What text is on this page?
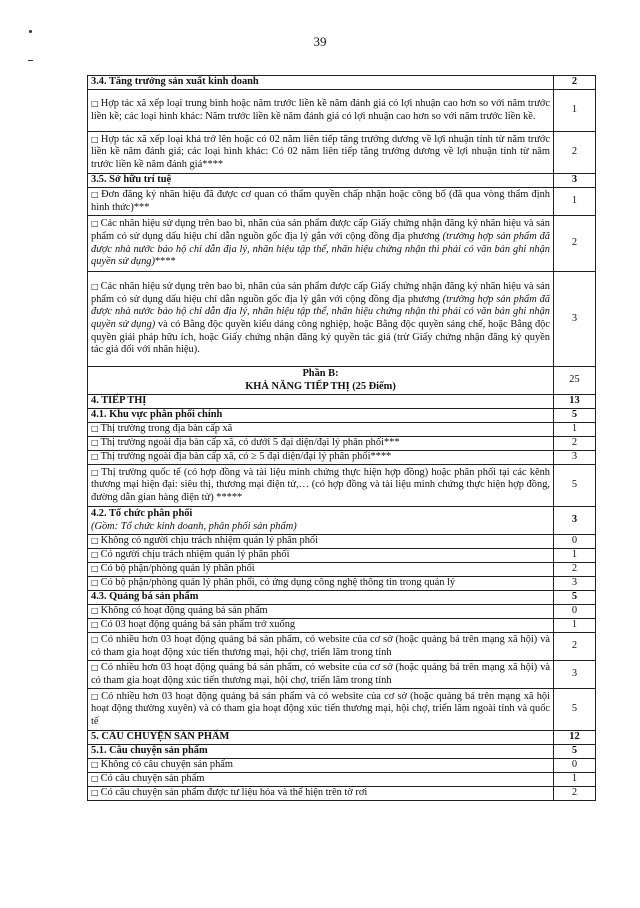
39
3.4. Tăng trưởng sản xuất kinh doanh	2
□ Hợp tác xã xếp loại trung bình hoặc năm trước liền kề năm đánh giá có lợi nhuận cao hơn so với năm trước liền kề; các loại hình khác: Năm trước liền kề năm đánh giá có lợi nhuận cao hơn so với năm trước liền kề.	1
□ Hợp tác xã xếp loại khá trở lên hoặc có 02 năm liên tiếp tăng trưởng dương về lợi nhuận tính từ năm trước liền kề năm đánh giá; các loại hình khác: Có 02 năm liên tiếp tăng trưởng dương về lợi nhuận tính từ năm trước liền kề năm đánh giá****	2
3.5. Sở hữu trí tuệ	3
□ Đơn đăng ký nhãn hiệu đã được cơ quan có thẩm quyền chấp nhận hoặc công bố (đã qua vòng thẩm định hình thức)***	1
□ Các nhãn hiệu sử dụng trên bao bì, nhãn của sản phẩm được cấp Giấy chứng nhận đăng ký nhãn hiệu và sản phẩm có sử dụng dấu hiệu chỉ dẫn nguồn gốc địa lý gắn với cộng đồng địa phương (trường hợp sản phẩm đã được nhà nước bảo hộ chỉ dẫn địa lý, nhãn hiệu tập thể, nhãn hiệu chứng nhận thì phải có văn bản ghi nhận quyền sử dụng)****	2
□ Các nhãn hiệu sử dụng trên bao bì, nhãn của sản phẩm được cấp Giấy chứng nhận đăng ký nhãn hiệu và sản phẩm có sử dụng dấu hiệu chỉ dẫn nguồn gốc địa lý gắn với cộng đồng địa phương (trường hợp sản phẩm đã được nhà nước bảo hộ chỉ dẫn địa lý, nhãn hiệu tập thể, nhãn hiệu chứng nhận thì phải có văn bản ghi nhận quyền sử dụng) và có Bằng độc quyền kiểu dáng công nghiệp, hoặc Bằng độc quyền sáng chế, hoặc Bằng độc quyền giải pháp hữu ích, hoặc Giấy chứng nhận đăng ký quyền tác giả (trừ Giấy chứng nhận đăng ký quyền tác giả đối với nhãn hiệu).	3
Phần B:
KHẢ NĂNG TIẾP THỊ (25 Điểm)	25
4. TIẾP THỊ	13
4.1. Khu vực phân phối chính	5
□ Thị trường trong địa bàn cấp xã	1
□ Thị trường ngoài địa bàn cấp xã, có dưới 5 đại diện/đại lý phân phối***	2
□ Thị trường ngoài địa bàn cấp xã, có ≥ 5 đại diện/đại lý phân phối****	3
□ Thị trường quốc tế (có hợp đồng và tài liệu minh chứng thực hiện hợp đồng) hoặc phân phối tại các kênh thương mại hiện đại: siêu thị, thương mại điện tử,… (có hợp đồng và tài liệu minh chứng thực hiện hợp đồng, đường dẫn gian hàng điện tử) *****	5
4.2. Tổ chức phân phối
(Gồm: Tổ chức kinh doanh, phân phối sản phẩm)	3
□ Không có người chịu trách nhiệm quản lý phân phối	0
□ Có người chịu trách nhiệm quản lý phân phối	1
□ Có bộ phận/phòng quản lý phân phối	2
□ Có bộ phận/phòng quản lý phân phối, có ứng dụng công nghệ thông tin trong quản lý	3
4.3. Quảng bá sản phẩm	5
□ Không có hoạt động quảng bá sản phẩm	0
□ Có 03 hoạt động quảng bá sản phẩm trở xuống	1
□ Có nhiều hơn 03 hoạt động quảng bá sản phẩm, có website của cơ sở (hoặc quảng bá trên mạng xã hội) và có tham gia hoạt động xúc tiến thương mại, hội chợ, triển lãm trong tỉnh	2
□ Có nhiều hơn 03 hoạt động quảng bá sản phẩm, có website của cơ sở (hoặc quảng bá trên mạng xã hội) và có tham gia hoạt động xúc tiến thương mại, hội chợ, triển lãm trong tỉnh	3
□ Có nhiều hơn 03 hoạt động quảng bá sản phẩm và có website của cơ sở (hoặc quảng bá trên mạng xã hội hoạt động thường xuyên) và có tham gia hoạt động xúc tiến thương mại, hội chợ, triển lãm ngoài tỉnh và quốc tế	5
5. CÂU CHUYỆN SẢN PHẨM	12
5.1. Câu chuyện sản phẩm	5
□ Không có câu chuyện sản phẩm	0
□ Có câu chuyện sản phẩm	1
□ Có câu chuyện sản phẩm được tư liệu hóa và thể hiện trên tờ rơi	2
